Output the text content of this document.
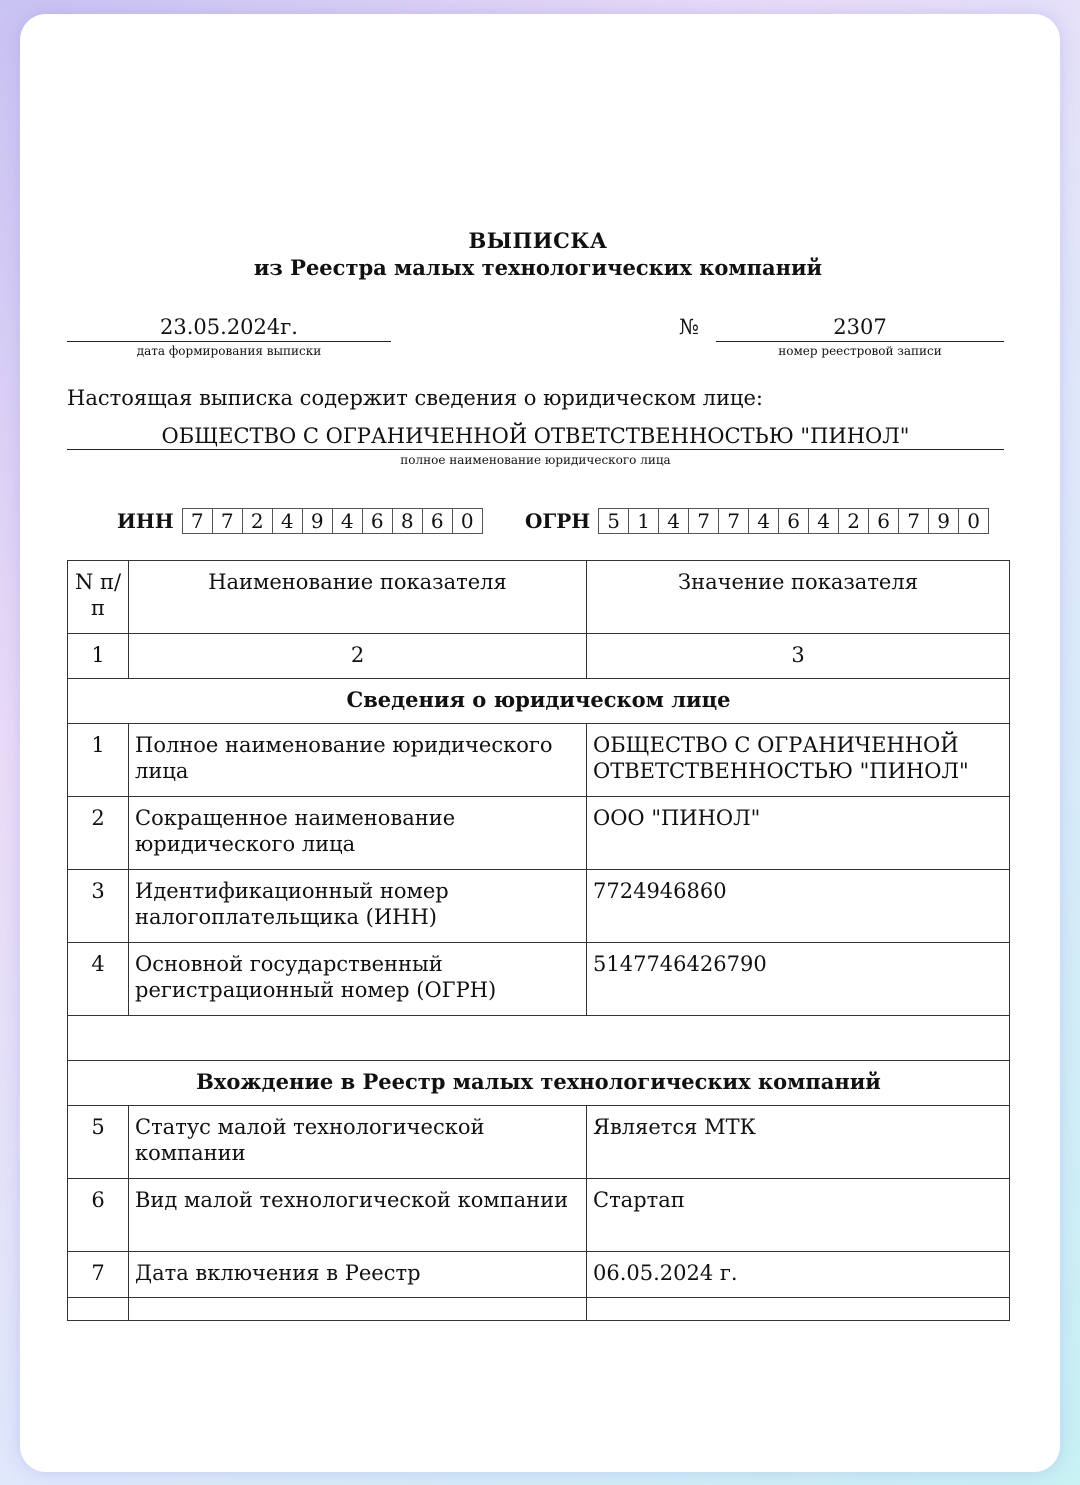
ВЫПИСКА
из Реестра малых технологических компаний
23.05.2024г.
дата формирования выписки
№	2307
номер реестровой записи
Настоящая выписка содержит сведения о юридическом лице:
ОБЩЕСТВО С ОГРАНИЧЕННОЙ ОТВЕТСТВЕННОСТЬЮ "ПИНОЛ"
полное наименование юридического лица
ИНН 7 7 2 4 9 4 6 8 6 0	ОГРН 5 1 4 7 7 4 6 4 2 6 7 9 0
N п/п	Наименование показателя	Значение показателя
1	2	3
Сведения о юридическом лице		
1	Полное наименование юридического лица	ОБЩЕСТВО С ОГРАНИЧЕННОЙ ОТВЕТСТВЕННОСТЬЮ "ПИНОЛ"
2	Сокращенное наименование юридического лица	ООО "ПИНОЛ"
3	Идентификационный номер налогоплательщика (ИНН)	7724946860
4	Основной государственный регистрационный номер (ОГРН)	5147746426790

Вхождение в Реестр малых технологических компаний		
5	Статус малой технологической компании	Является МТК
6	Вид малой технологической компании	Стартап
7	Дата включения в Реестр	06.05.2024 г.
